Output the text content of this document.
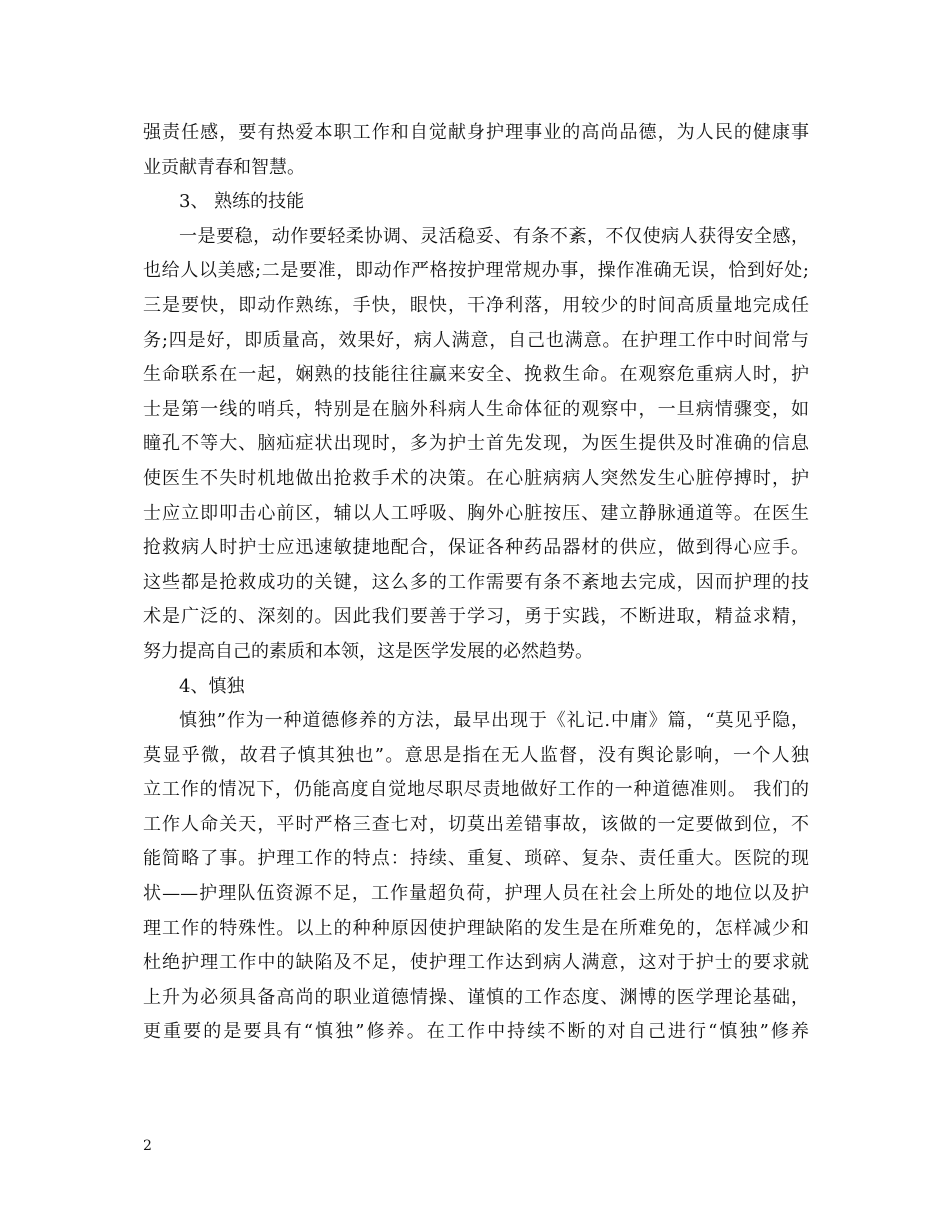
强责任感，要有热爱本职工作和自觉献身护理事业的高尚品德，为人民的健康事
业贡献青春和智慧。
3、 熟练的技能
一是要稳，动作要轻柔协调、灵活稳妥、有条不紊，不仅使病人获得安全感，
也给人以美感;二是要准，即动作严格按护理常规办事，操作准确无误，恰到好处;
三是要快，即动作熟练，手快，眼快，干净利落，用较少的时间高质量地完成任
务;四是好，即质量高，效果好，病人满意，自己也满意。在护理工作中时间常与
生命联系在一起，娴熟的技能往往赢来安全、挽救生命。在观察危重病人时，护
士是第一线的哨兵，特别是在脑外科病人生命体征的观察中，一旦病情骤变，如
瞳孔不等大、脑疝症状出现时，多为护士首先发现，为医生提供及时准确的信息
使医生不失时机地做出抢救手术的决策。在心脏病病人突然发生心脏停搏时，护
士应立即叩击心前区，辅以人工呼吸、胸外心脏按压、建立静脉通道等。在医生
抢救病人时护士应迅速敏捷地配合，保证各种药品器材的供应，做到得心应手。
这些都是抢救成功的关键，这么多的工作需要有条不紊地去完成，因而护理的技
术是广泛的、深刻的。因此我们要善于学习，勇于实践，不断进取，精益求精，
努力提高自己的素质和本领，这是医学发展的必然趋势。
4、慎独
慎独”作为一种道德修养的方法，最早出现于《礼记.中庸》篇，“莫见乎隐，
莫显乎微，故君子慎其独也”。意思是指在无人监督，没有舆论影响，一个人独
立工作的情况下，仍能高度自觉地尽职尽责地做好工作的一种道德准则。 我们的
工作人命关天，平时严格三查七对，切莫出差错事故，该做的一定要做到位，不
能简略了事。护理工作的特点：持续、重复、琐碎、复杂、责任重大。医院的现
状——护理队伍资源不足，工作量超负荷，护理人员在社会上所处的地位以及护
理工作的特殊性。以上的种种原因使护理缺陷的发生是在所难免的，怎样减少和
杜绝护理工作中的缺陷及不足，使护理工作达到病人满意，这对于护士的要求就
上升为必须具备高尚的职业道德情操、谨慎的工作态度、渊博的医学理论基础，
更重要的是要具有“慎独”修养。在工作中持续不断的对自己进行“慎独”修养
2
